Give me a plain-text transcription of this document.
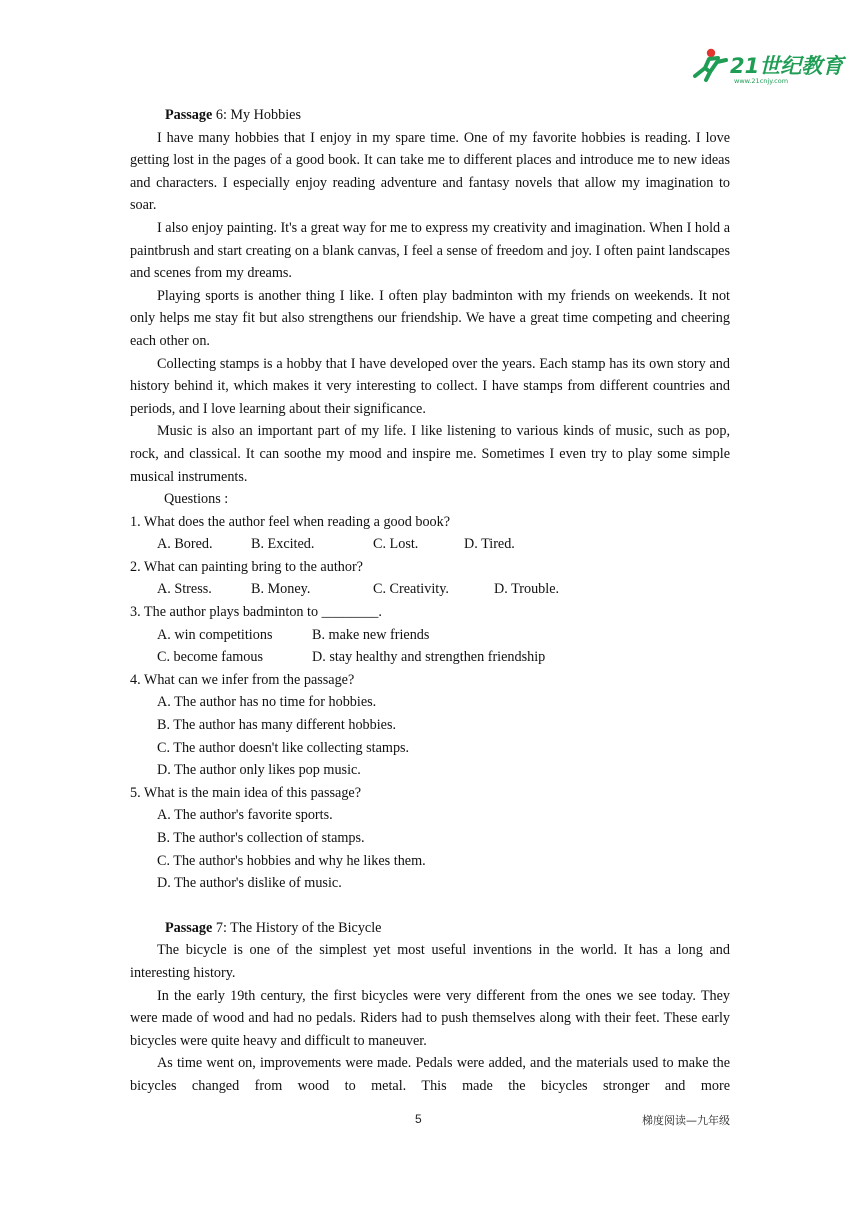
21世纪教育
www.21cnjy.com

Passage 6: My Hobbies

I have many hobbies that I enjoy in my spare time. One of my favorite hobbies is reading. I love getting lost in the pages of a good book. It can take me to different places and introduce me to new ideas and characters. I especially enjoy reading adventure and fantasy novels that allow my imagination to soar.

I also enjoy painting. It's a great way for me to express my creativity and imagination. When I hold a paintbrush and start creating on a blank canvas, I feel a sense of freedom and joy. I often paint landscapes and scenes from my dreams.

Playing sports is another thing I like. I often play badminton with my friends on weekends. It not only helps me stay fit but also strengthens our friendship. We have a great time competing and cheering each other on.

Collecting stamps is a hobby that I have developed over the years. Each stamp has its own story and history behind it, which makes it very interesting to collect. I have stamps from different countries and periods, and I love learning about their significance.

Music is also an important part of my life. I like listening to various kinds of music, such as pop, rock, and classical. It can soothe my mood and inspire me. Sometimes I even try to play some simple musical instruments.

Questions :

1. What does the author feel when reading a good book?

A. Bored.	B. Excited.	C. Lost.	D. Tired.

2. What can painting bring to the author?

A. Stress.	B. Money.	C. Creativity.	D. Trouble.

3. The author plays badminton to ________.

A. win competitions	B. make new friends
C. become famous	D. stay healthy and strengthen friendship

4. What can we infer from the passage?

A. The author has no time for hobbies.

B. The author has many different hobbies.

C. The author doesn't like collecting stamps.

D. The author only likes pop music.

5. What is the main idea of this passage?

A. The author's favorite sports.

B. The author's collection of stamps.

C. The author's hobbies and why he likes them.

D. The author's dislike of music.

Passage 7: The History of the Bicycle

The bicycle is one of the simplest yet most useful inventions in the world. It has a long and interesting history.

In the early 19th century, the first bicycles were very different from the ones we see today. They were made of wood and had no pedals. Riders had to push themselves along with their feet. These early bicycles were quite heavy and difficult to maneuver.

As time went on, improvements were made. Pedals were added, and the materials used to make the bicycles changed from wood to metal. This made the bicycles stronger and more

5	梯度阅读—九年级
